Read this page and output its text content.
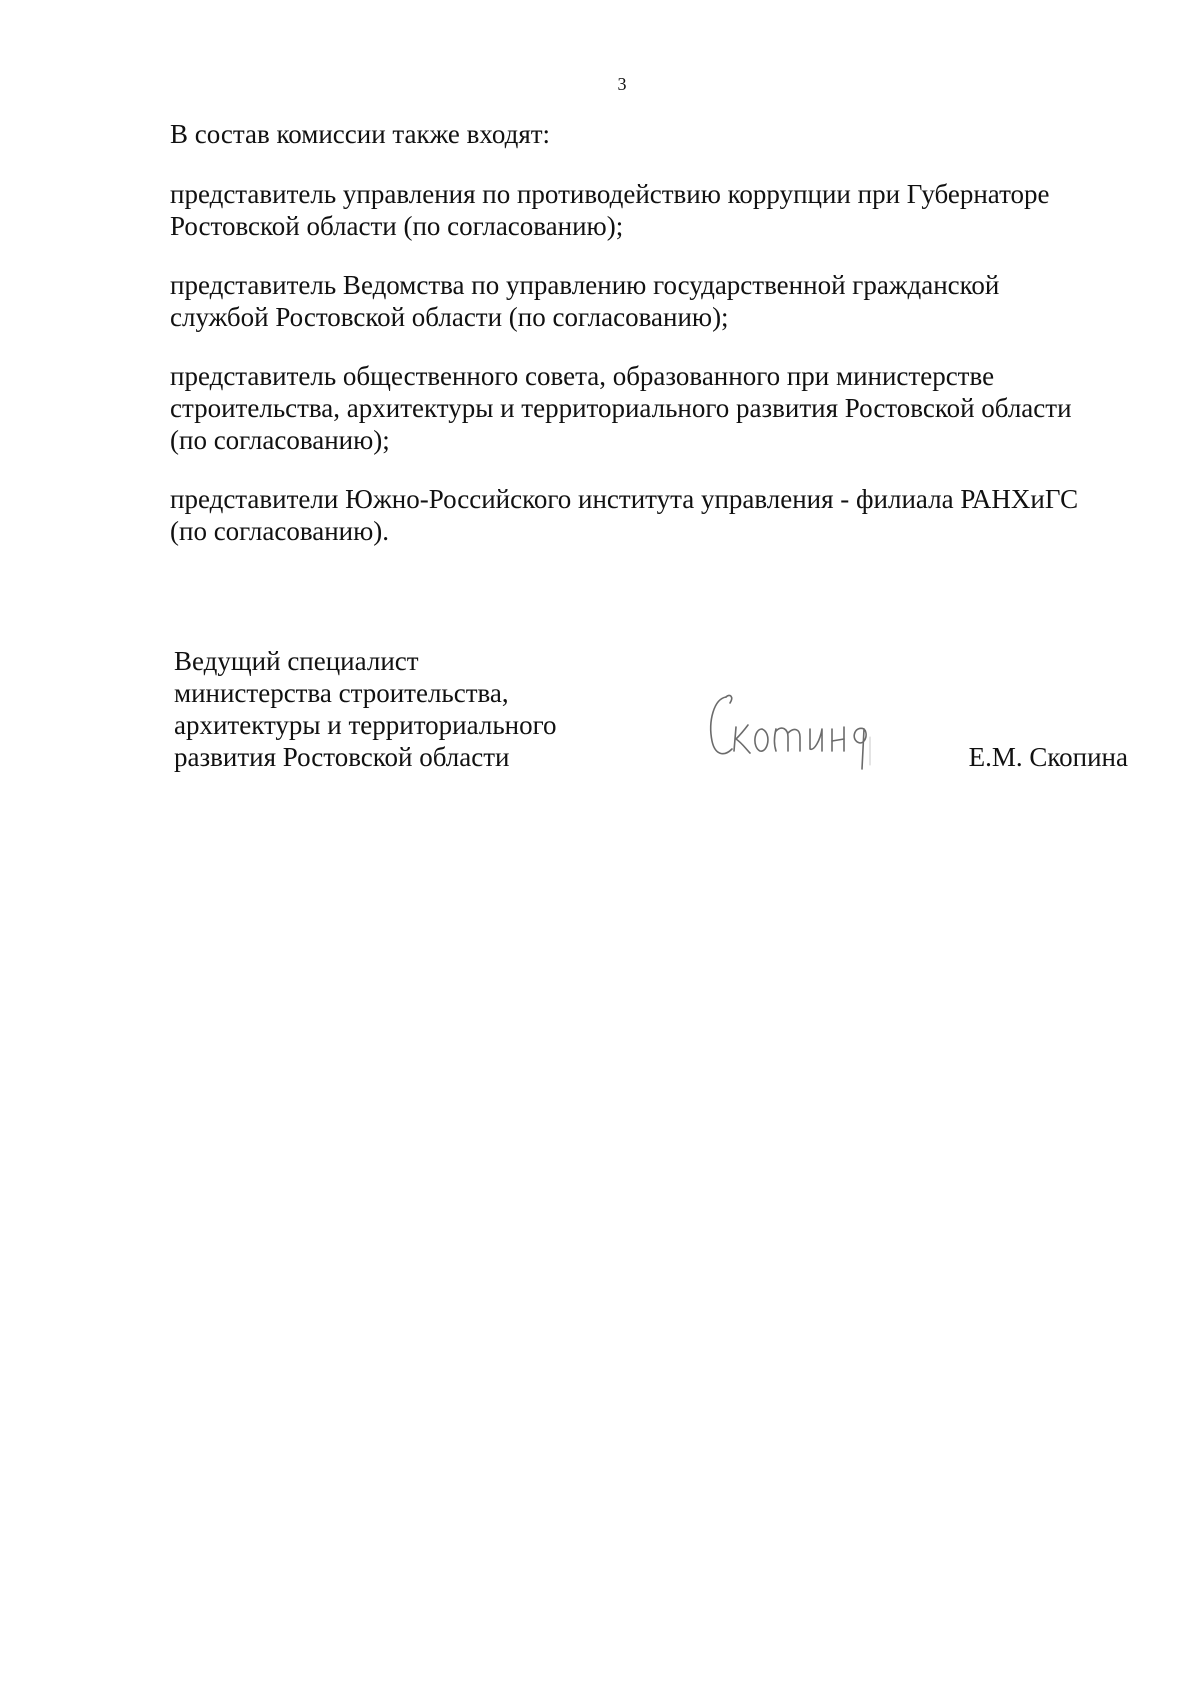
3

В состав комиссии также входят:

представитель управления по противодействию коррупции при Губернаторе
Ростовской области (по согласованию);

представитель Ведомства по управлению государственной гражданской
службой Ростовской области (по согласованию);

представитель общественного совета, образованного при министерстве
строительства, архитектуры и территориального развития Ростовской области
(по согласованию);

представители Южно-Российского института управления - филиала РАНХиГС
(по согласованию).

Ведущий специалист
министерства строительства,
архитектуры и территориального
развития Ростовской области	Е.М. Скопина
